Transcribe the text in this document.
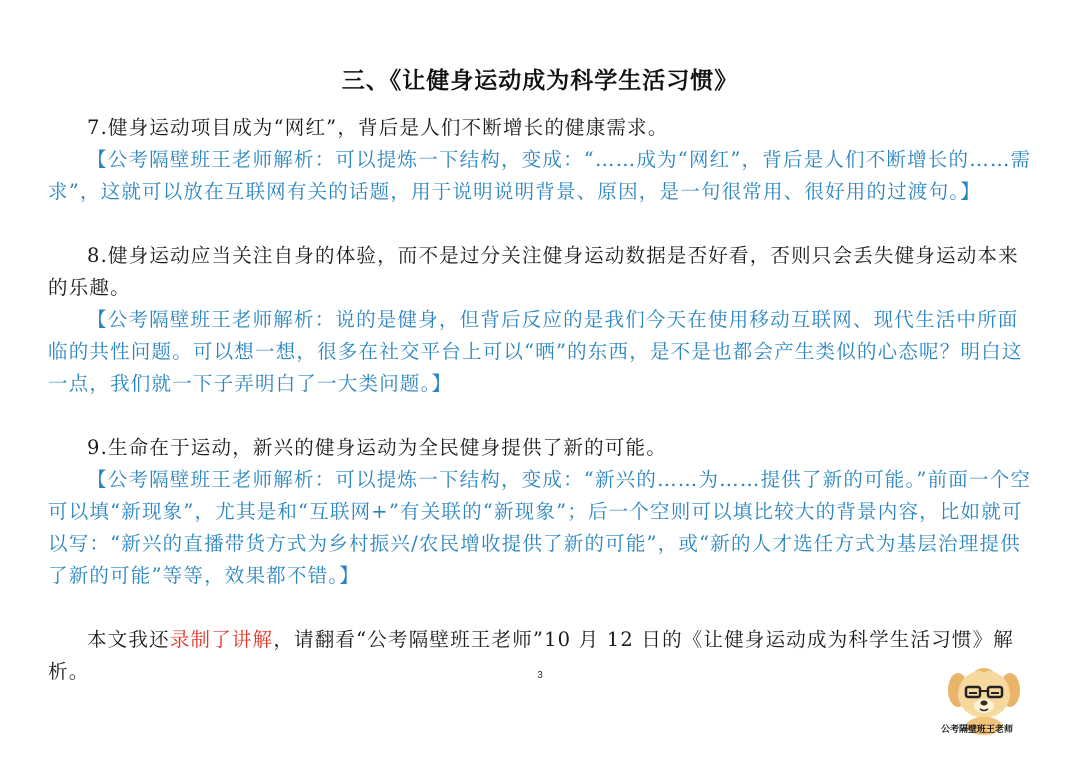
三、《让健身运动成为科学生活习惯》

7.健身运动项目成为“网红”，背后是人们不断增长的健康需求。

【公考隔壁班王老师解析：可以提炼一下结构，变成：“……成为“网红”，背后是人们不断增长的……需求”，这就可以放在互联网有关的话题，用于说明说明背景、原因，是一句很常用、很好用的过渡句。】

8.健身运动应当关注自身的体验，而不是过分关注健身运动数据是否好看，否则只会丢失健身运动本来的乐趣。

【公考隔壁班王老师解析：说的是健身，但背后反应的是我们今天在使用移动互联网、现代生活中所面临的共性问题。可以想一想，很多在社交平台上可以“晒”的东西，是不是也都会产生类似的心态呢？明白这一点，我们就一下子弄明白了一大类问题。】

9.生命在于运动，新兴的健身运动为全民健身提供了新的可能。

【公考隔壁班王老师解析：可以提炼一下结构，变成：“新兴的……为……提供了新的可能。”前面一个空可以填“新现象”，尤其是和“互联网+”有关联的“新现象”；后一个空则可以填比较大的背景内容，比如就可以写：“新兴的直播带货方式为乡村振兴/农民增收提供了新的可能”，或“新的人才选任方式为基层治理提供了新的可能”等等，效果都不错。】

本文我还录制了讲解，请翻看“公考隔壁班王老师”10 月 12 日的《让健身运动成为科学生活习惯》解析。	3
公考隔壁班王老师
